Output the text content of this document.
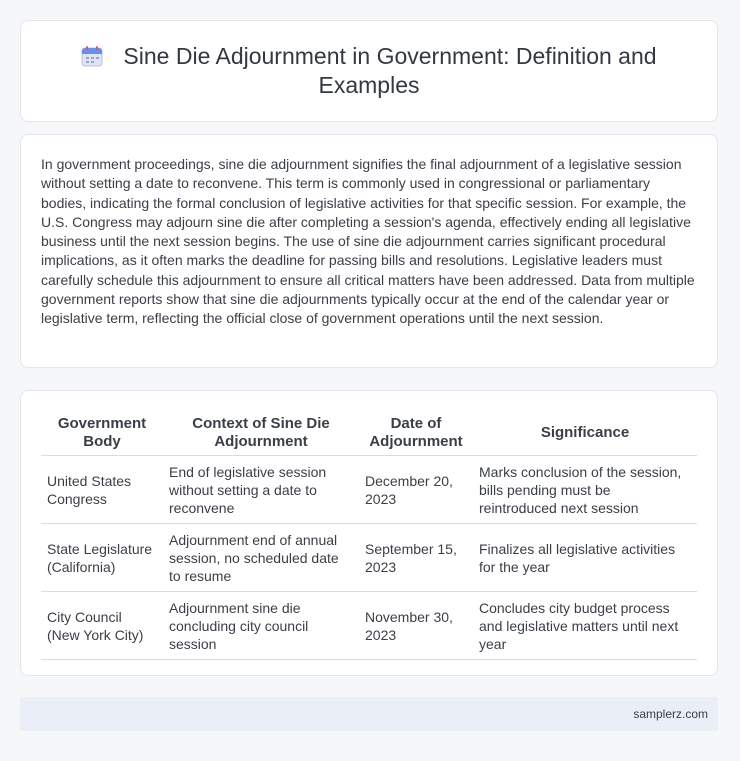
Sine Die Adjournment in Government: Definition and Examples

In government proceedings, sine die adjournment signifies the final adjournment of a legislative session without setting a date to reconvene. This term is commonly used in congressional or parliamentary bodies, indicating the formal conclusion of legislative activities for that specific session. For example, the U.S. Congress may adjourn sine die after completing a session's agenda, effectively ending all legislative business until the next session begins. The use of sine die adjournment carries significant procedural implications, as it often marks the deadline for passing bills and resolutions. Legislative leaders must carefully schedule this adjournment to ensure all critical matters have been addressed. Data from multiple government reports show that sine die adjournments typically occur at the end of the calendar year or legislative term, reflecting the official close of government operations until the next session.

Government Body	Context of Sine Die Adjournment	Date of Adjournment	Significance
United States Congress	End of legislative session without setting a date to reconvene	December 20, 2023	Marks conclusion of the session, bills pending must be reintroduced next session
State Legislature (California)	Adjournment end of annual session, no scheduled date to resume	September 15, 2023	Finalizes all legislative activities for the year
City Council (New York City)	Adjournment sine die concluding city council session	November 30, 2023	Concludes city budget process and legislative matters until next year
samplerz.com
